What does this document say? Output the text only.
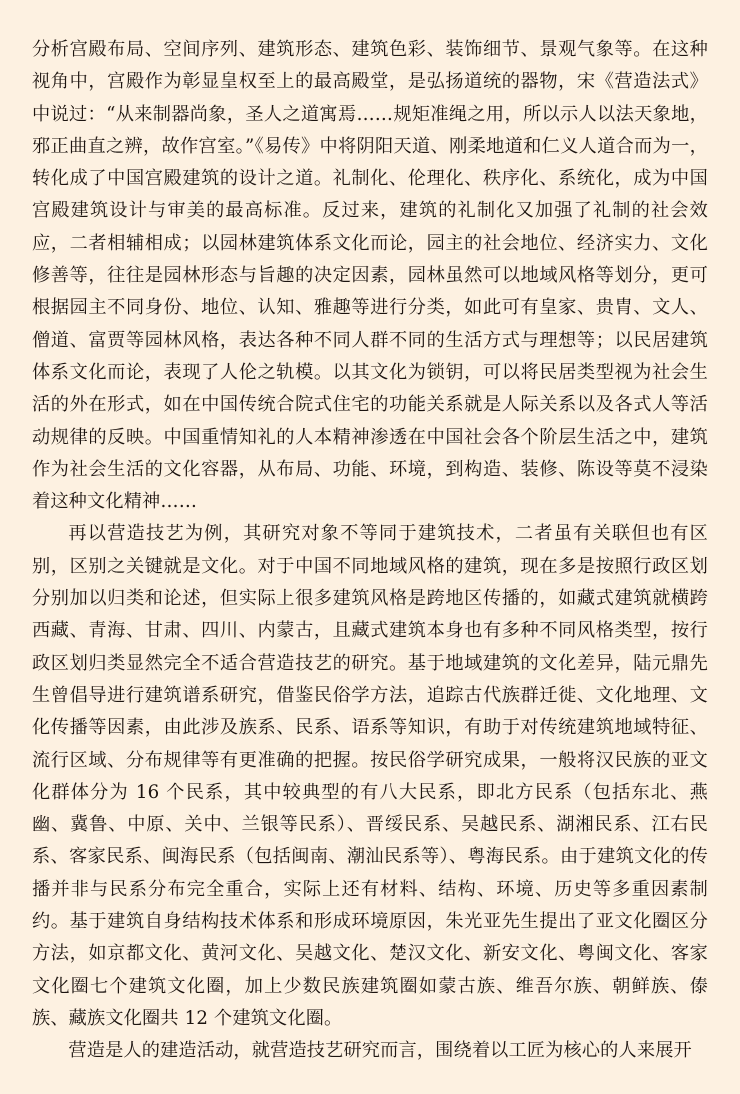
分析宫殿布局、空间序列、建筑形态、建筑色彩、装饰细节、景观气象等。在这种视角中，宫殿作为彰显皇权至上的最高殿堂，是弘扬道统的器物，宋《营造法式》中说过：“从来制器尚象，圣人之道寓焉……规矩准绳之用，所以示人以法天象地，邪正曲直之辨，故作宫室。”《易传》中将阴阳天道、刚柔地道和仁义人道合而为一，转化成了中国宫殿建筑的设计之道。礼制化、伦理化、秩序化、系统化，成为中国宫殿建筑设计与审美的最高标准。反过来，建筑的礼制化又加强了礼制的社会效应，二者相辅相成；以园林建筑体系文化而论，园主的社会地位、经济实力、文化修善等，往往是园林形态与旨趣的决定因素，园林虽然可以地域风格等划分，更可根据园主不同身份、地位、认知、雅趣等进行分类，如此可有皇家、贵胄、文人、僧道、富贾等园林风格，表达各种不同人群不同的生活方式与理想等；以民居建筑体系文化而论，表现了人伦之轨模。以其文化为锁钥，可以将民居类型视为社会生活的外在形式，如在中国传统合院式住宅的功能关系就是人际关系以及各式人等活动规律的反映。中国重情知礼的人本精神渗透在中国社会各个阶层生活之中，建筑作为社会生活的文化容器，从布局、功能、环境，到构造、装修、陈设等莫不浸染着这种文化精神……

再以营造技艺为例，其研究对象不等同于建筑技术，二者虽有关联但也有区别，区别之关键就是文化。对于中国不同地域风格的建筑，现在多是按照行政区划分别加以归类和论述，但实际上很多建筑风格是跨地区传播的，如藏式建筑就横跨西藏、青海、甘肃、四川、内蒙古，且藏式建筑本身也有多种不同风格类型，按行政区划归类显然完全不适合营造技艺的研究。基于地域建筑的文化差异，陆元鼎先生曾倡导进行建筑谱系研究，借鉴民俗学方法，追踪古代族群迁徙、文化地理、文化传播等因素，由此涉及族系、民系、语系等知识，有助于对传统建筑地域特征、流行区域、分布规律等有更准确的把握。按民俗学研究成果，一般将汉民族的亚文化群体分为 16 个民系，其中较典型的有八大民系，即北方民系（包括东北、燕幽、冀鲁、中原、关中、兰银等民系）、晋绥民系、吴越民系、湖湘民系、江右民系、客家民系、闽海民系（包括闽南、潮汕民系等）、粤海民系。由于建筑文化的传播并非与民系分布完全重合，实际上还有材料、结构、环境、历史等多重因素制约。基于建筑自身结构技术体系和形成环境原因，朱光亚先生提出了亚文化圈区分方法，如京都文化、黄河文化、吴越文化、楚汉文化、新安文化、粤闽文化、客家文化圈七个建筑文化圈，加上少数民族建筑圈如蒙古族、维吾尔族、朝鲜族、傣族、藏族文化圈共 12 个建筑文化圈。

营造是人的建造活动，就营造技艺研究而言，围绕着以工匠为核心的人来展开
